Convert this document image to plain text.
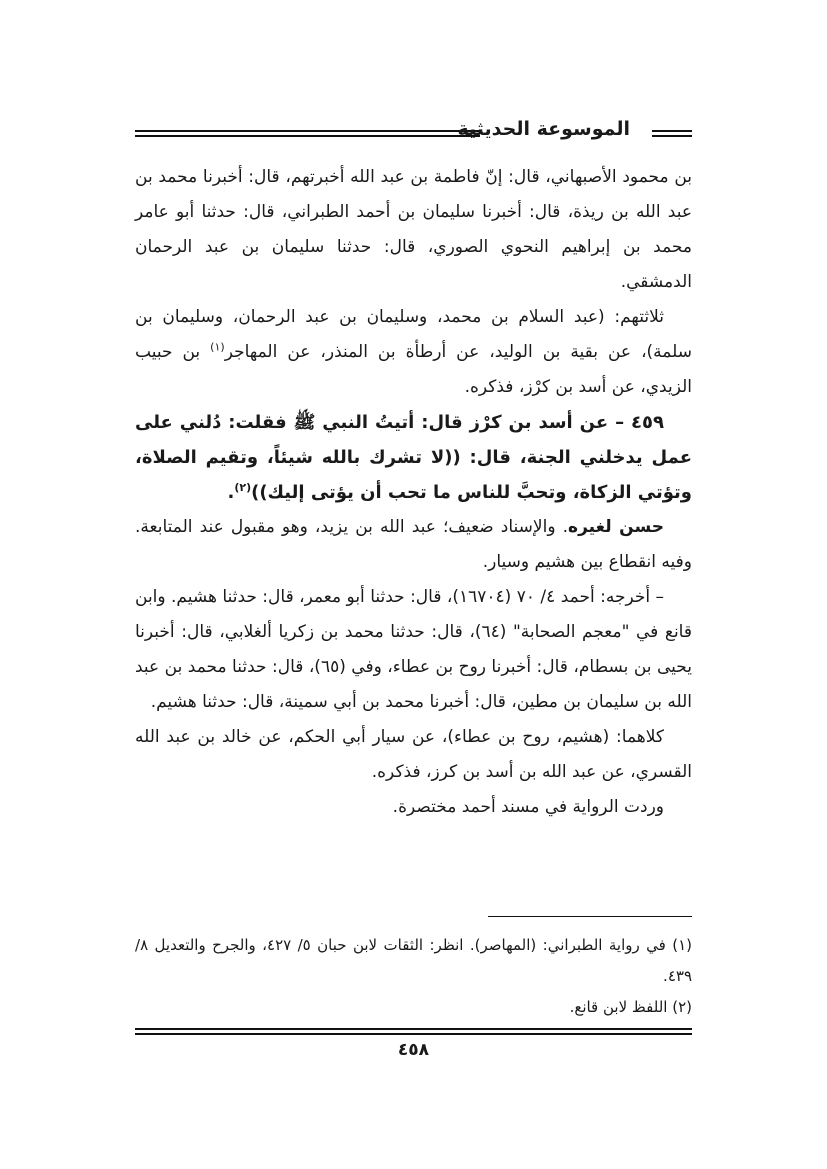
الموسوعة الحديثية

بن محمود الأصبهاني، قال: إنّ فاطمة بن عبد الله أخبرتهم، قال: أخبرنا محمد بن عبد الله بن ريذة، قال: أخبرنا سليمان بن أحمد الطبراني، قال: حدثنا أبو عامر محمد بن إبراهيم النحوي الصوري، قال: حدثنا سليمان بن عبد الرحمان الدمشقي.

ثلاثتهم: (عبد السلام بن محمد، وسليمان بن عبد الرحمان، وسليمان بن سلمة)، عن بقية بن الوليد، عن أرطأة بن المنذر، عن المهاجر$^{(١)}$ بن حبيب الزيدي، عن أسد بن كرْز، فذكره.

٤٥٩ – عن أسد بن كرْز قال: أتيتُ النبي ﷺ فقلت: دُلني على عمل يدخلني الجنة، قال: ((لا تشرك بالله شيئاً، وتقيم الصلاة، وتؤتي الزكاة، وتحبَّ للناس ما تحب أن يؤتى إليك))$^{(٢)}$.

حسن لغيره. والإسناد ضعيف؛ عبد الله بن يزيد، وهو مقبول عند المتابعة. وفيه انقطاع بين هشيم وسيار.

– أخرجه: أحمد ٤/ ٧٠ (١٦٧٠٤)، قال: حدثنا أبو معمر، قال: حدثنا هشيم. وابن قانع في "معجم الصحابة" (٦٤)، قال: حدثنا محمد بن زكريا ألغلابي، قال: أخبرنا يحيى بن بسطام، قال: أخبرنا روح بن عطاء، وفي (٦٥)، قال: حدثنا محمد بن عبد الله بن سليمان بن مطين، قال: أخبرنا محمد بن أبي سمينة، قال: حدثنا هشيم.

كلاهما: (هشيم، روح بن عطاء)، عن سيار أبي الحكم، عن خالد بن عبد الله القسري، عن عبد الله بن أسد بن كرز، فذكره.

وردت الرواية في مسند أحمد مختصرة.

(١) في رواية الطبراني: (المهاصر). انظر: الثقات لابن حبان ٥/ ٤٢٧، والجرح والتعديل ٨/ ٤٣٩.

(٢) اللفظ لابن قانع.

٤٥٨
